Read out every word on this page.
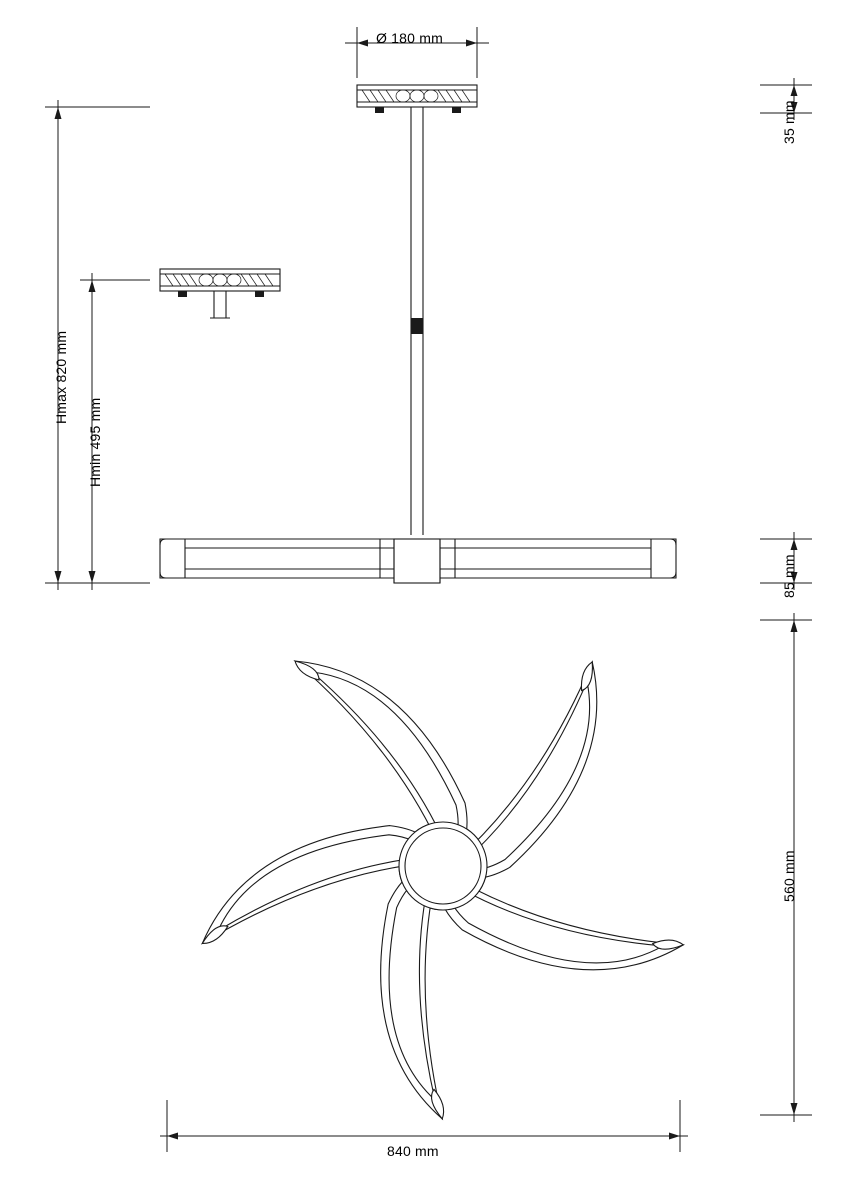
Ø 180 mm
35 mm
Hmax 820 mm
Hmin 495 mm
85 mm
560 mm
840 mm
